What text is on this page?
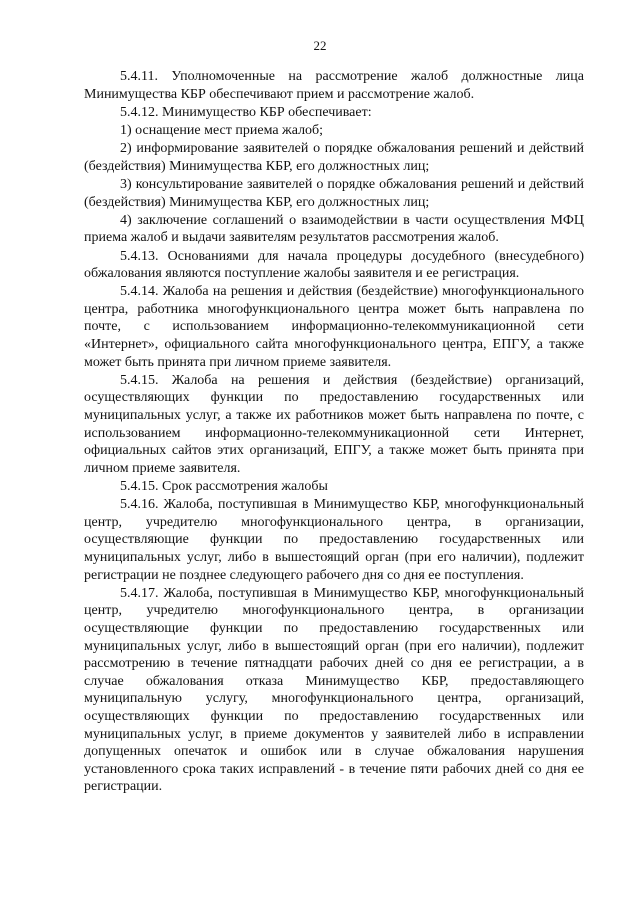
22

5.4.11. Уполномоченные на рассмотрение жалоб должностные лица Минимущества КБР обеспечивают прием и рассмотрение жалоб.

5.4.12. Минимущество КБР обеспечивает:

1) оснащение мест приема жалоб;

2) информирование заявителей о порядке обжалования решений и действий (бездействия) Минимущества КБР, его должностных лиц;

3) консультирование заявителей о порядке обжалования решений и действий (бездействия) Минимущества КБР, его должностных лиц;

4) заключение соглашений о взаимодействии в части осуществления МФЦ приема жалоб и выдачи заявителям результатов рассмотрения жалоб.

5.4.13. Основаниями для начала процедуры досудебного (внесудебного) обжалования являются поступление жалобы заявителя и ее регистрация.

5.4.14. Жалоба на решения и действия (бездействие) многофункционального центра, работника многофункционального центра может быть направлена по почте, с использованием информационно-телекоммуникационной сети «Интернет», официального сайта многофункционального центра, ЕПГУ, а также может быть принята при личном приеме заявителя.

5.4.15. Жалоба на решения и действия (бездействие) организаций, осуществляющих функции по предоставлению государственных или муниципальных услуг, а также их работников может быть направлена по почте, с использованием информационно-телекоммуникационной сети Интернет, официальных сайтов этих организаций, ЕПГУ, а также может быть принята при личном приеме заявителя.

5.4.15. Срок рассмотрения жалобы

5.4.16. Жалоба, поступившая в Минимущество КБР, многофункциональный центр, учредителю многофункционального центра, в организации, осуществляющие функции по предоставлению государственных или муниципальных услуг, либо в вышестоящий орган (при его наличии), подлежит регистрации не позднее следующего рабочего дня со дня ее поступления.

5.4.17. Жалоба, поступившая в Минимущество КБР, многофункциональный центр, учредителю многофункционального центра, в организации осуществляющие функции по предоставлению государственных или муниципальных услуг, либо в вышестоящий орган (при его наличии), подлежит рассмотрению в течение пятнадцати рабочих дней со дня ее регистрации, а в случае обжалования отказа Минимущество КБР, предоставляющего муниципальную услугу, многофункционального центра, организаций, осуществляющих функции по предоставлению государственных или муниципальных услуг, в приеме документов у заявителей либо в исправлении допущенных опечаток и ошибок или в случае обжалования нарушения установленного срока таких исправлений - в течение пяти рабочих дней со дня ее регистрации.
